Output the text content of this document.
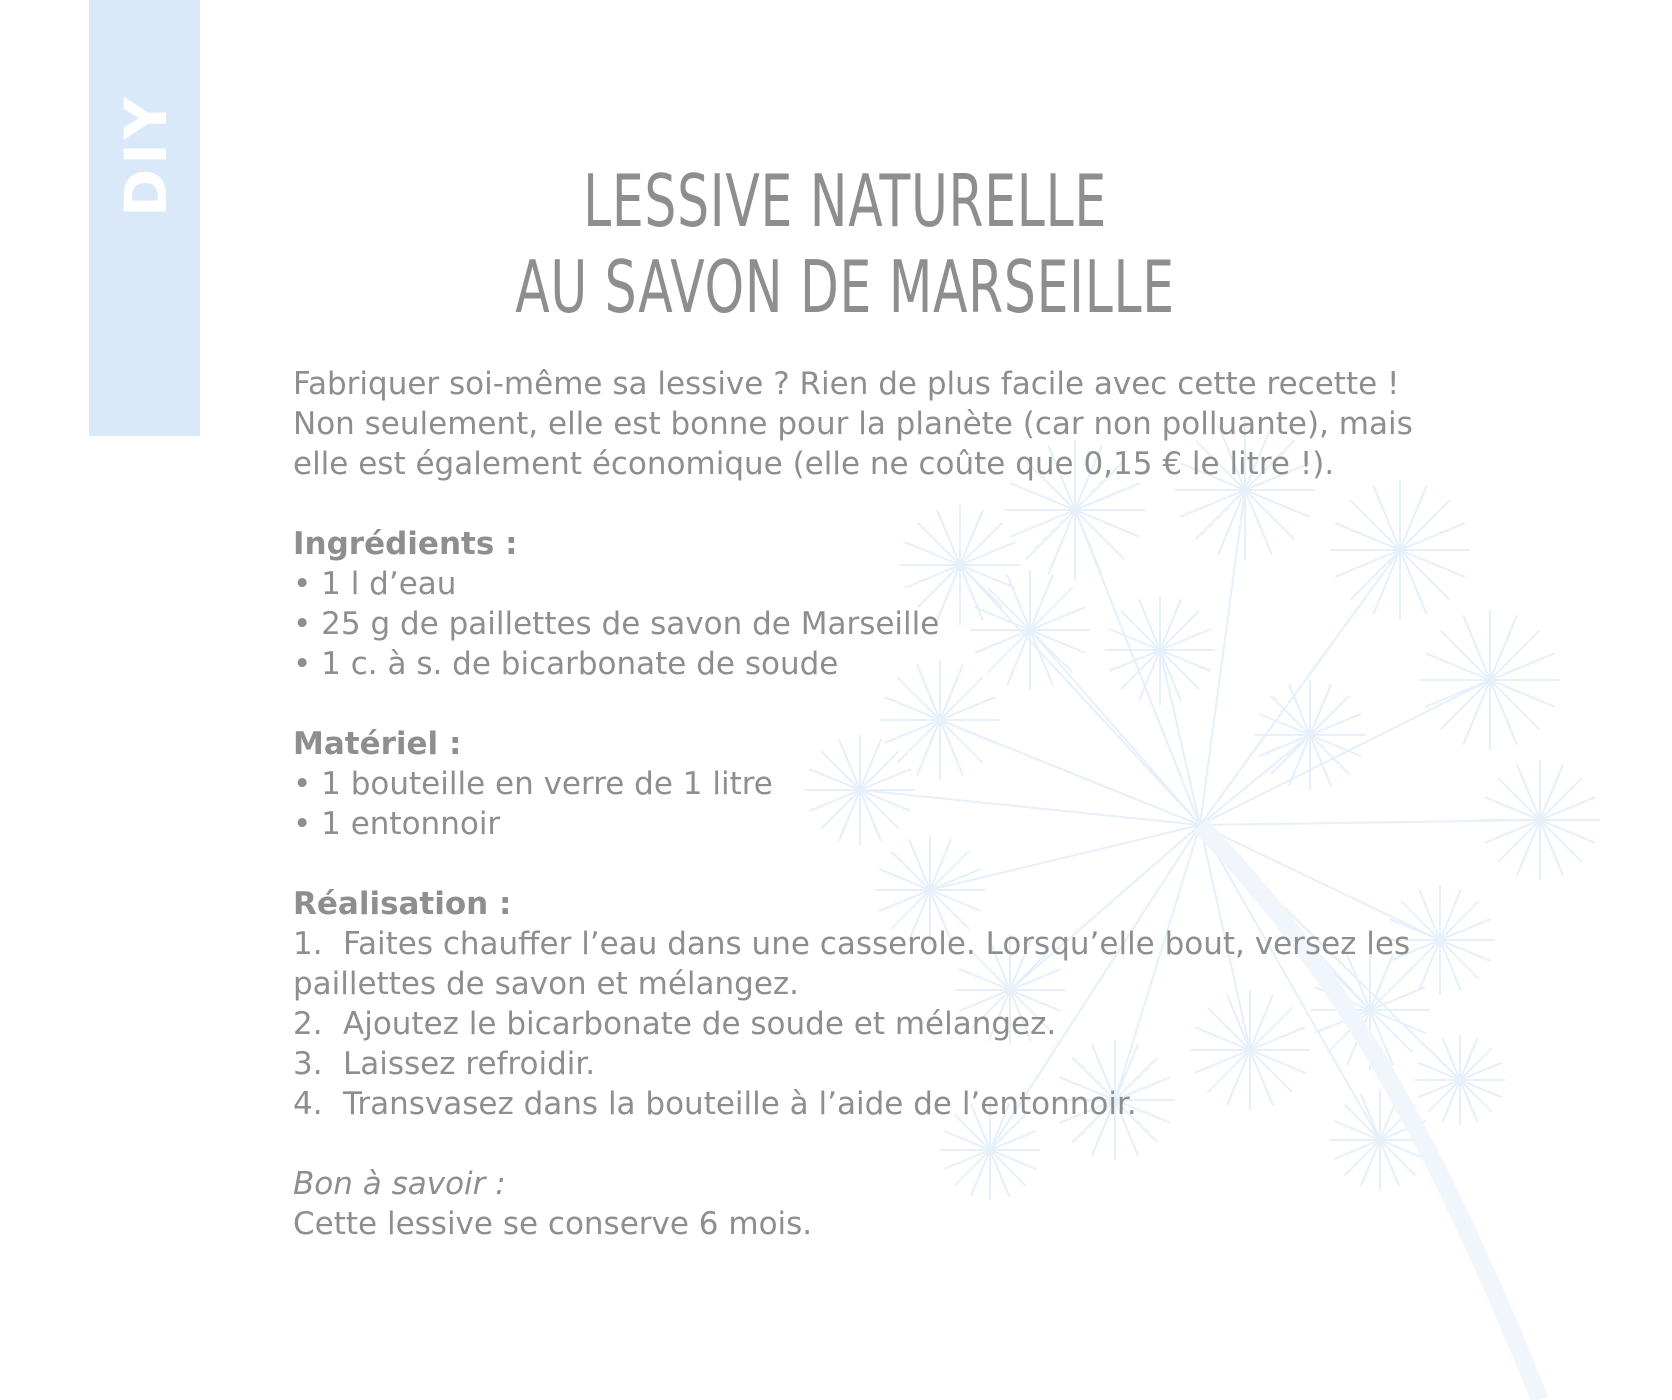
DIY	LESSIVE NATURELLE
AU SAVON DE MARSEILLE

Fabriquer soi-même sa lessive ? Rien de plus facile avec cette recette !

Non seulement, elle est bonne pour la planète (car non polluante), mais

elle est également économique (elle ne coûte que 0,15 € le litre !).

Ingrédients :

• 1 l d’eau

• 25 g de paillettes de savon de Marseille

• 1 c. à s. de bicarbonate de soude

Matériel :

• 1 bouteille en verre de 1 litre

• 1 entonnoir

Réalisation :

1. Faites chauffer l’eau dans une casserole. Lorsqu’elle bout, versez les

paillettes de savon et mélangez.

2. Ajoutez le bicarbonate de soude et mélangez.
3. Laissez refroidir.
4. Transvasez dans la bouteille à l’aide de l’entonnoir.

Bon à savoir :

Cette lessive se conserve 6 mois.
